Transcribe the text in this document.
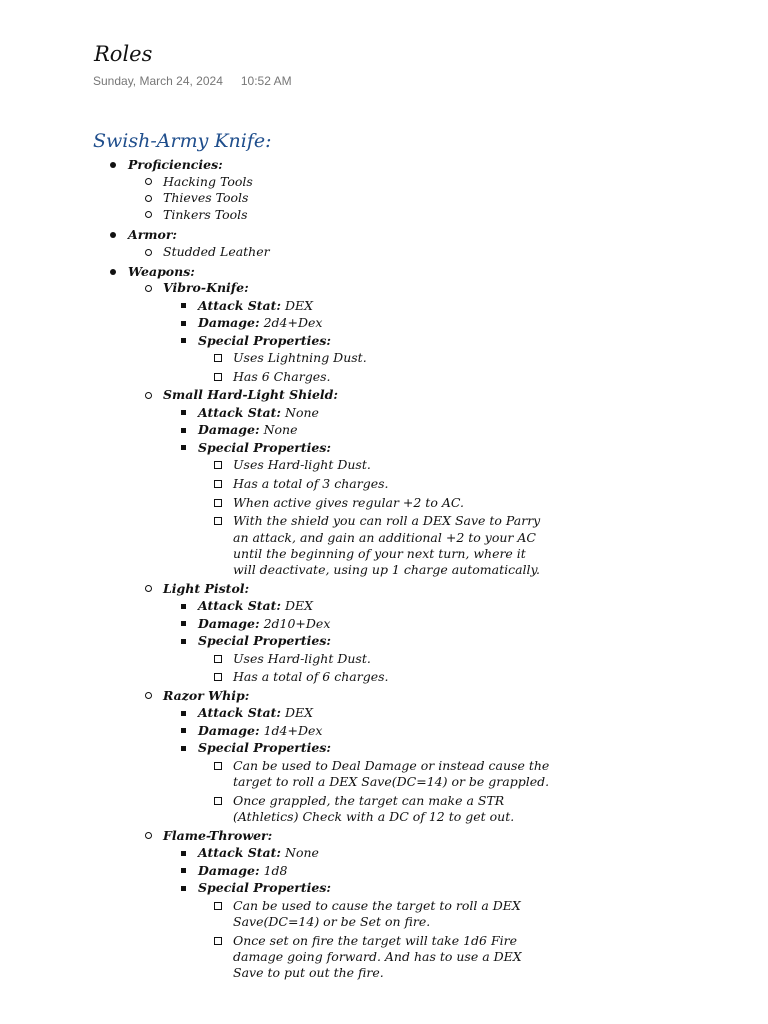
Roles
Sunday, March 24, 2024 10:52 AM
Swish-Army Knife:
Proficiencies:
Hacking Tools
Thieves Tools
Tinkers Tools
Armor:
Studded Leather
Weapons:
Vibro-Knife:
Attack Stat: DEX
Damage: 2d4+Dex
Special Properties:
Uses Lightning Dust.
Has 6 Charges.
Small Hard-Light Shield:
Attack Stat: None
Damage: None
Special Properties:
Uses Hard-light Dust.
Has a total of 3 charges.
When active gives regular +2 to AC.
With the shield you can roll a DEX Save to Parry
an attack, and gain an additional +2 to your AC
until the beginning of your next turn, where it
will deactivate, using up 1 charge automatically.
Light Pistol:
Attack Stat: DEX
Damage: 2d10+Dex
Special Properties:
Uses Hard-light Dust.
Has a total of 6 charges.
Razor Whip:
Attack Stat: DEX
Damage: 1d4+Dex
Special Properties:
Can be used to Deal Damage or instead cause the
target to roll a DEX Save(DC=14) or be grappled.
Once grappled, the target can make a STR
(Athletics) Check with a DC of 12 to get out.
Flame-Thrower:
Attack Stat: None
Damage: 1d8
Special Properties:
Can be used to cause the target to roll a DEX
Save(DC=14) or be Set on fire.
Once set on fire the target will take 1d6 Fire
damage going forward. And has to use a DEX
Save to put out the fire.
